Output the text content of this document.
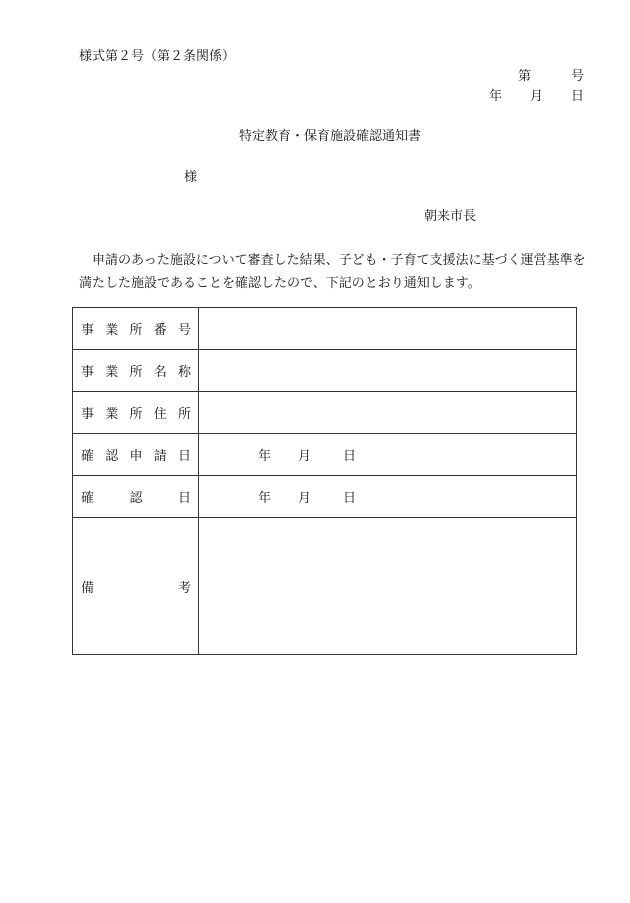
様式第２号（第２条関係）
第	号
年 月 日
特定教育・保育施設確認通知書
様
朝来市長
申請のあった施設について審査した結果、子ども・子育て支援法に基づく運営基準を満たした施設であることを確認したので、下記のとおり通知します。
事 業 所 番 号	

事 業 所 名 称	

事 業 所 住 所	

確 認 申 請 日	年 月 日

確 認 日	年 月 日

備 考	
